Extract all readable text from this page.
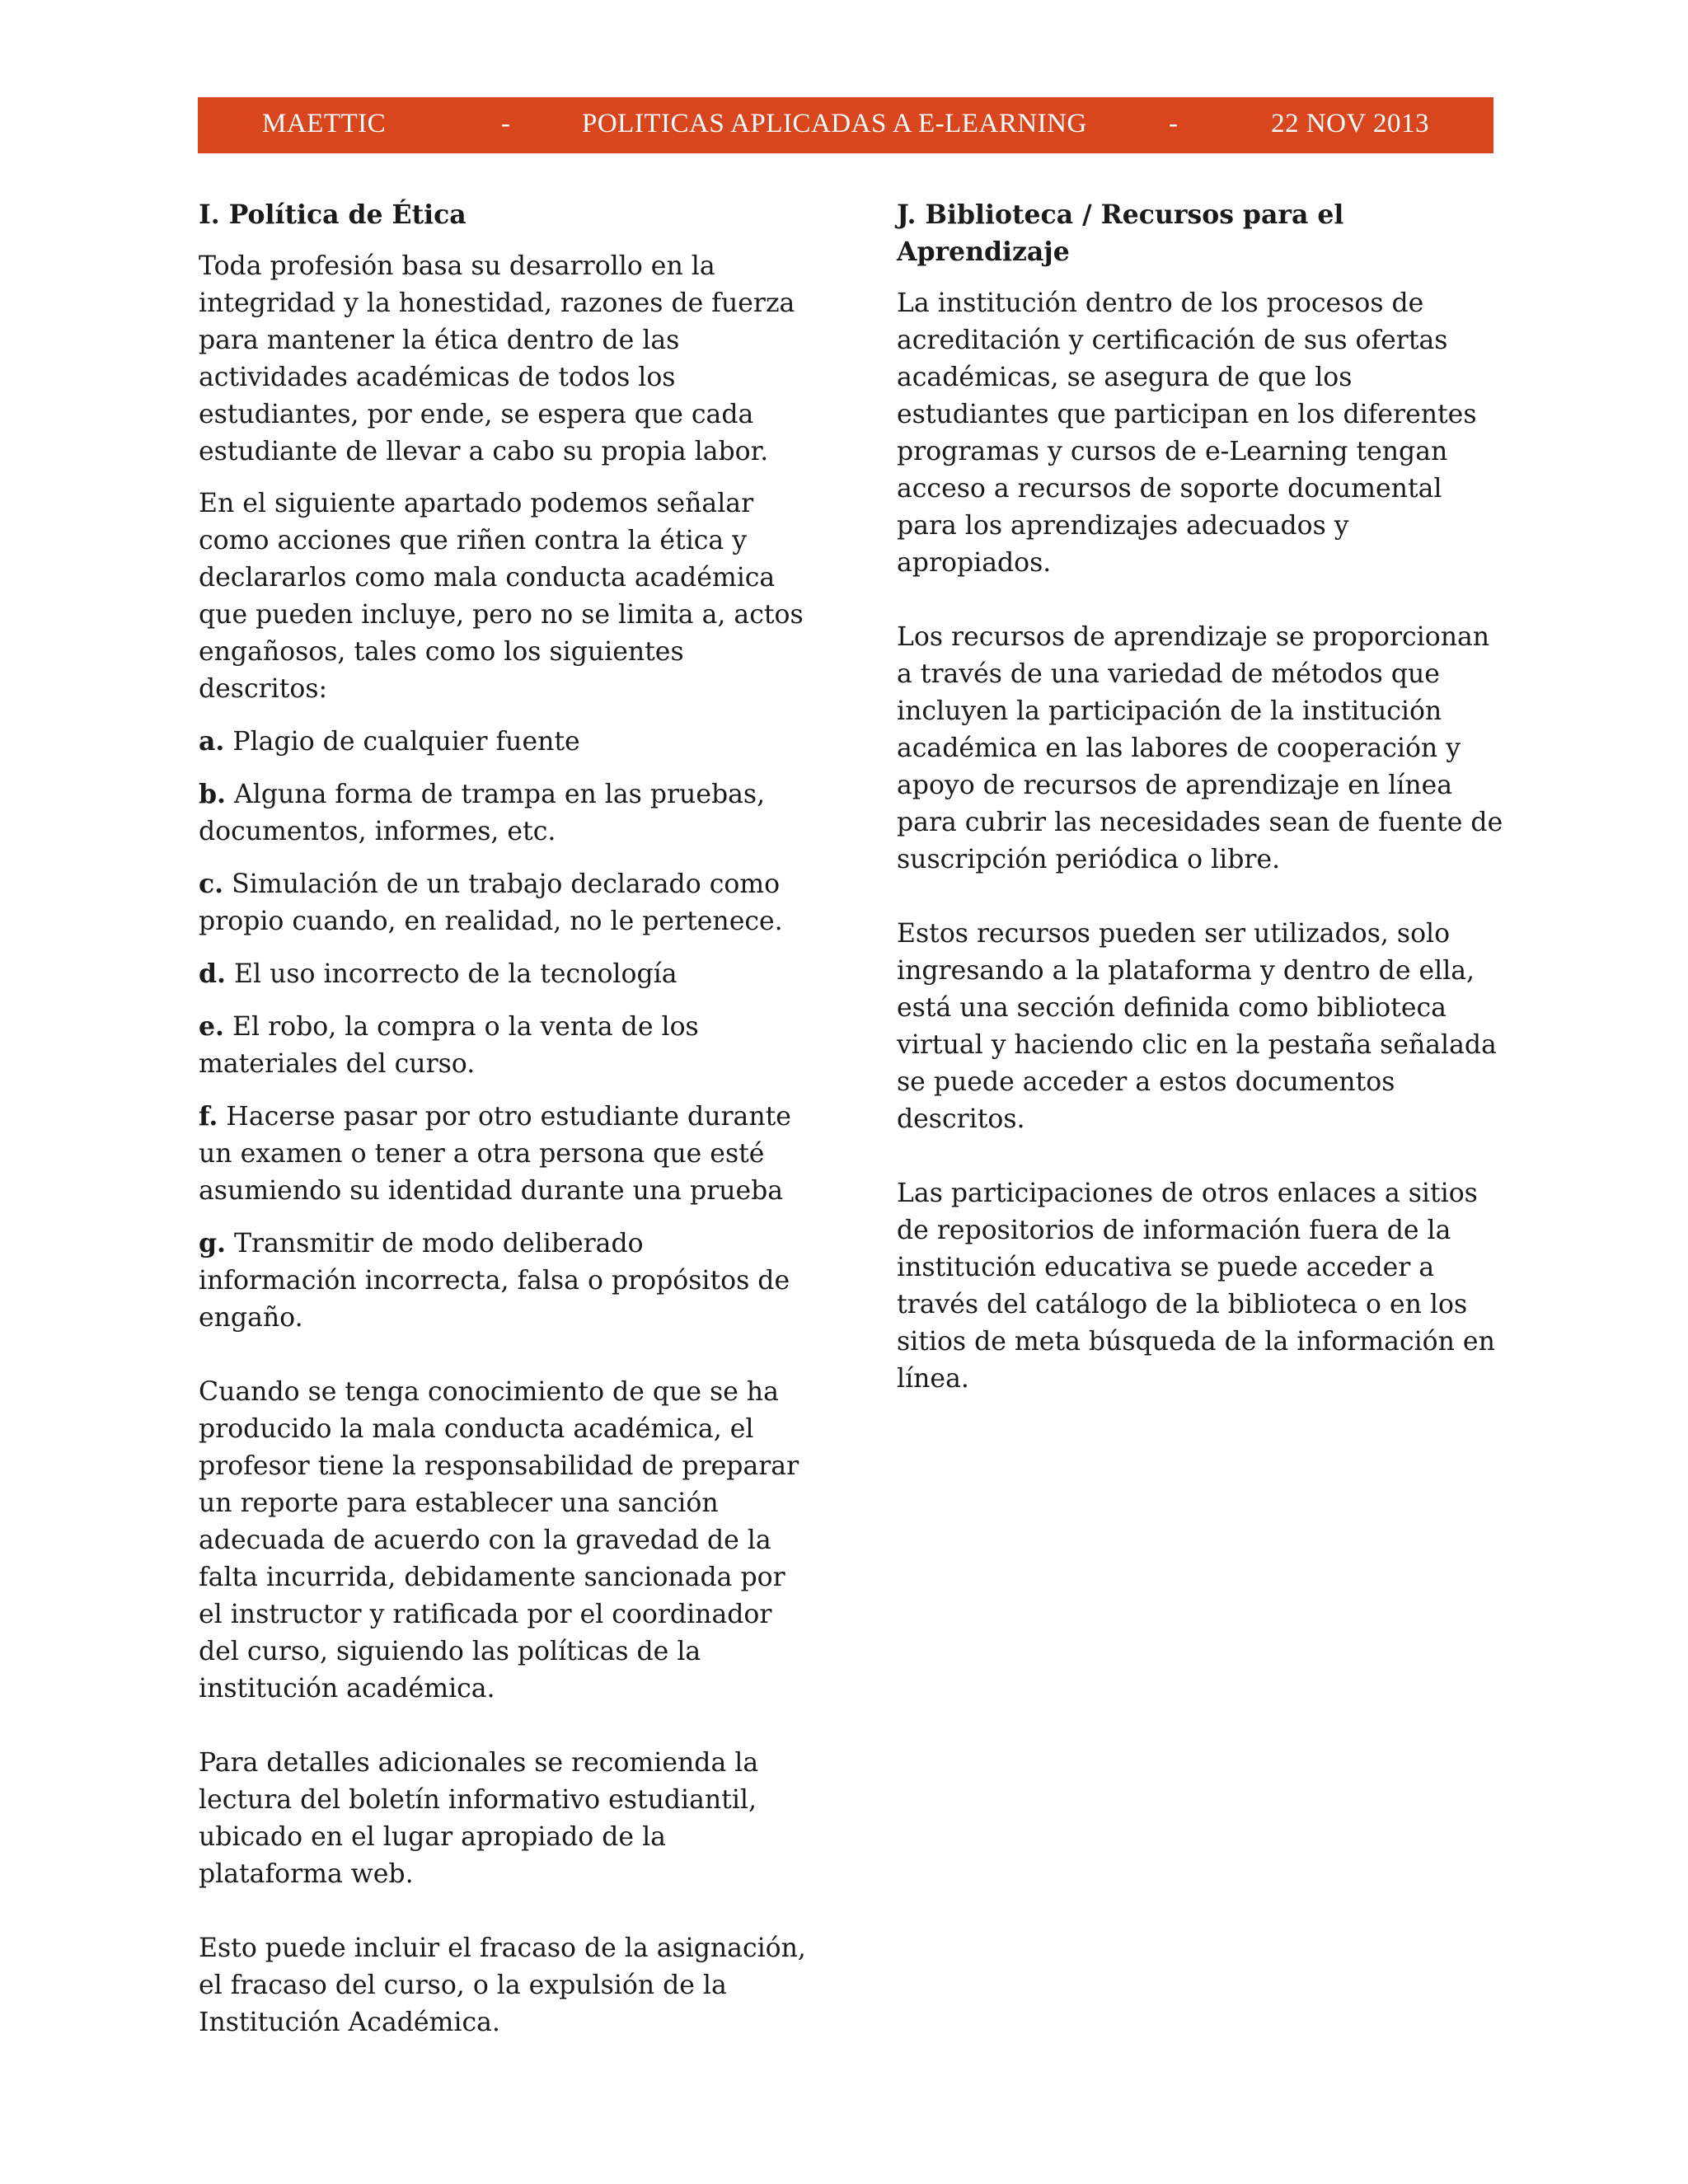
MAETTIC	-	POLITICAS APLICADAS A E-LEARNING	-	22 NOV 2013
I. Política de Ética
Toda profesión basa su desarrollo en la integridad y la honestidad, razones de fuerza para mantener la ética dentro de las actividades académicas de todos los estudiantes, por ende, se espera que cada estudiante de llevar a cabo su propia labor.
En el siguiente apartado podemos señalar como acciones que riñen contra la ética y declararlos como mala conducta académica que pueden incluye, pero no se limita a, actos engañosos, tales como los siguientes descritos:
a. Plagio de cualquier fuente
b. Alguna forma de trampa en las pruebas, documentos, informes, etc.
c. Simulación de un trabajo declarado como propio cuando, en realidad, no le pertenece.
d. El uso incorrecto de la tecnología
e. El robo, la compra o la venta de los materiales del curso.
f. Hacerse pasar por otro estudiante durante un examen o tener a otra persona que esté asumiendo su identidad durante una prueba
g. Transmitir de modo deliberado información incorrecta, falsa o propósitos de engaño.
Cuando se tenga conocimiento de que se ha producido la mala conducta académica, el profesor tiene la responsabilidad de preparar un reporte para establecer una sanción adecuada de acuerdo con la gravedad de la falta incurrida, debidamente sancionada por el instructor y ratificada por el coordinador del curso, siguiendo las políticas de la institución académica.
Para detalles adicionales se recomienda la lectura del boletín informativo estudiantil, ubicado en el lugar apropiado de la plataforma web.
Esto puede incluir el fracaso de la asignación, el fracaso del curso, o la expulsión de la Institución Académica.
J. Biblioteca / Recursos para el Aprendizaje
La institución dentro de los procesos de acreditación y certificación de sus ofertas académicas, se asegura de que los estudiantes que participan en los diferentes programas y cursos de e-Learning tengan acceso a recursos de soporte documental para los aprendizajes adecuados y apropiados.
Los recursos de aprendizaje se proporcionan a través de una variedad de métodos que incluyen la participación de la institución académica en las labores de cooperación y apoyo de recursos de aprendizaje en línea para cubrir las necesidades sean de fuente de suscripción periódica o libre.
Estos recursos pueden ser utilizados, solo ingresando a la plataforma y dentro de ella, está una sección definida como biblioteca virtual y haciendo clic en la pestaña señalada se puede acceder a estos documentos descritos.
Las participaciones de otros enlaces a sitios de repositorios de información fuera de la institución educativa se puede acceder a través del catálogo de la biblioteca o en los sitios de meta búsqueda de la información en línea.
